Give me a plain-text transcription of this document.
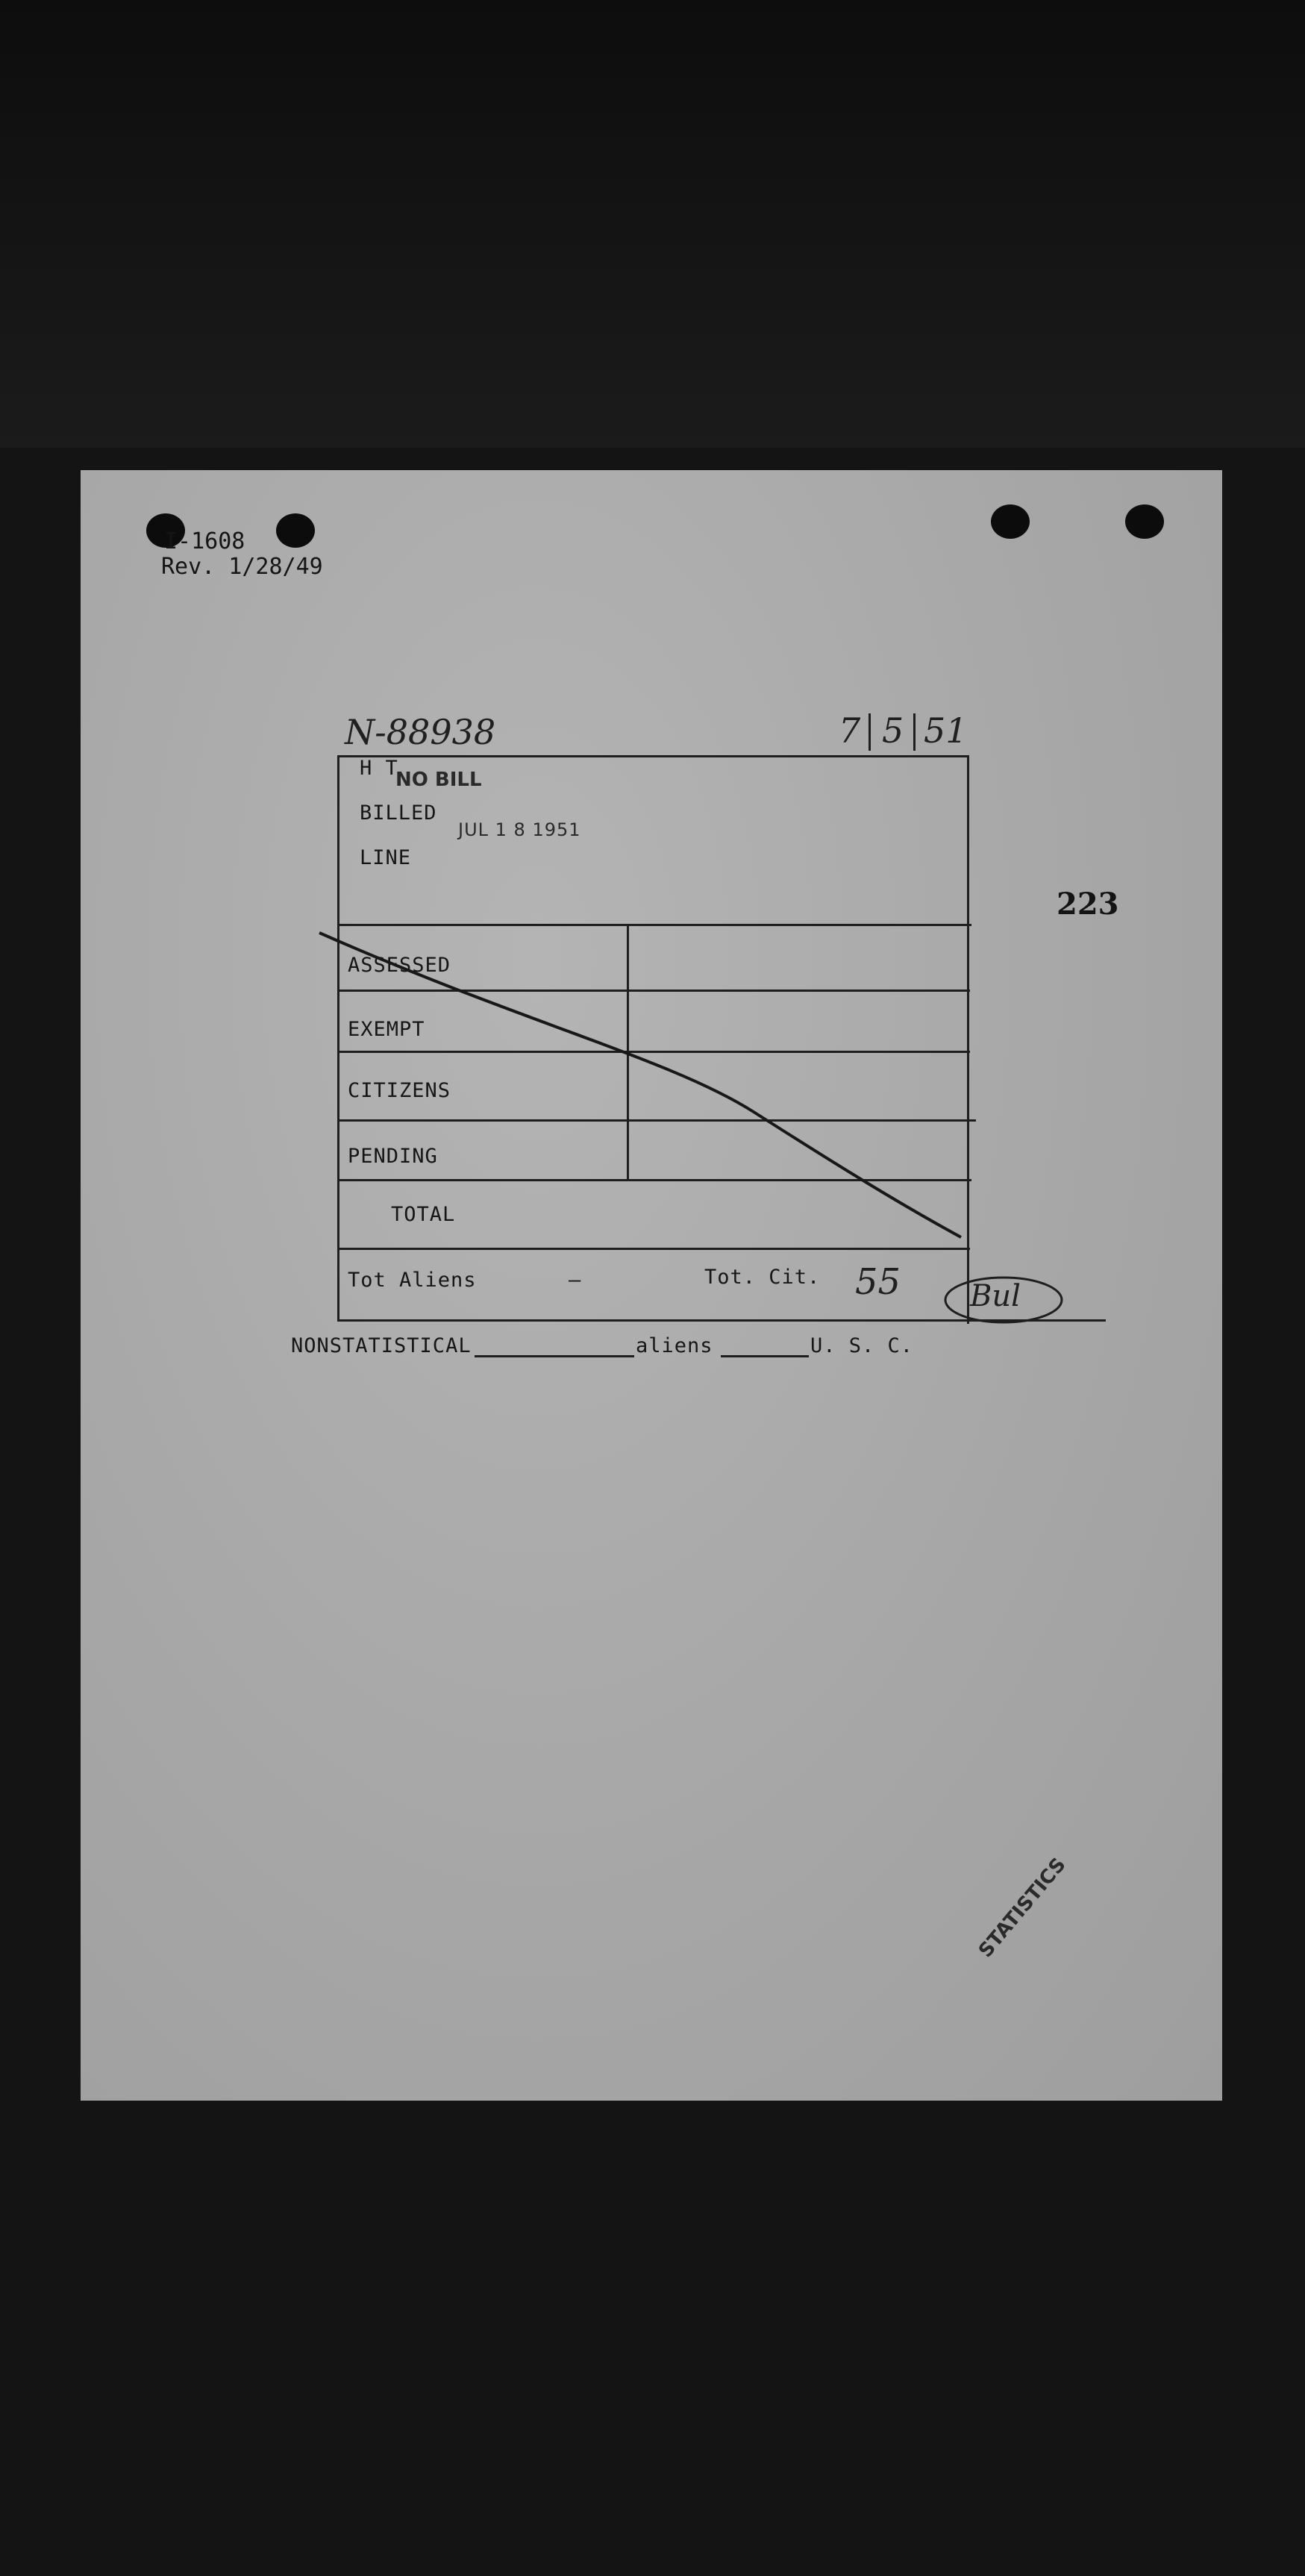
I-1608
Rev. 1/28/49
N-88938	7 5 51
223
H T
BILLED
LINE
NO BILL
JUL 1 8 1951
ASSESSED
EXEMPT
CITIZENS
PENDING
TOTAL
Tot Aliens	—	Tot. Cit. 55 Bul
NONSTATISTICAL	aliens	U. S. C.
STATISTICS
